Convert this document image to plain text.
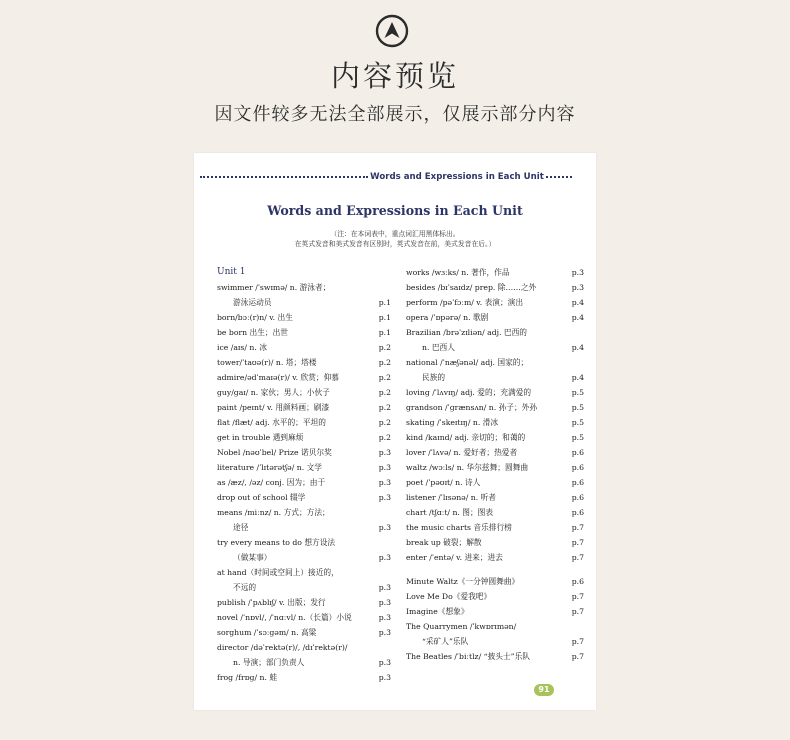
内容预览
因文件较多无法全部展示，仅展示部分内容
Words and Expressions in Each Unit
Words and Expressions in Each Unit
（注：在本词表中，重点词汇用黑体标出。
在英式发音和美式发音有区别时，英式发音在前，美式发音在后。）
Unit 1
swimmer /ˈswɪmə/ n. 游泳者；
游泳运动员	p.1
born/bɔː(r)n/ v. 出生	p.1
be born 出生；出世	p.1
ice /aɪs/ n. 冰	p.2
tower/ˈtaʊə(r)/ n. 塔；塔楼	p.2
admire/ədˈmaɪə(r)/ v. 欣赏；仰慕	p.2
guy/ɡaɪ/ n. 家伙；男人；小伙子	p.2
paint /peɪnt/ v. 用颜料画；刷漆	p.2
flat /flæt/ adj. 水平的；平坦的	p.2
get in trouble 遇到麻烦	p.2
Nobel /nəʊˈbel/ Prize 诺贝尔奖	p.3
literature /ˈlɪtərətʃə/ n. 文学	p.3
as /æz/, /əz/ conj. 因为；由于	p.3
drop out of school 辍学	p.3
means /miːnz/ n. 方式；方法；
途径	p.3
try every means to do 想方设法
（做某事）	p.3
at hand（时间或空间上）接近的，
不远的	p.3
publish /ˈpʌblɪʃ/ v. 出版；发行	p.3
novel /ˈnɒvl/, /ˈnɑːvl/ n.（长篇）小说	p.3
sorghum /ˈsɔːɡəm/ n. 高粱	p.3
director /dəˈrektə(r)/, /dɪˈrektə(r)/
n. 导演；部门负责人	p.3
frog /frɒɡ/ n. 蛙	p.3
works /wɜːks/ n. 著作，作品	p.3
besides /bɪˈsaɪdz/ prep. 除……之外	p.3
perform /pəˈfɔːm/ v. 表演；演出	p.4
opera /ˈɒpərə/ n. 歌剧	p.4
Brazilian /brəˈzɪliən/ adj. 巴西的
n. 巴西人	p.4
national /ˈnæʃənəl/ adj. 国家的；
民族的	p.4
loving /ˈlʌvɪŋ/ adj. 爱的；充满爱的	p.5
grandson /ˈɡrænsʌn/ n. 孙子；外孙	p.5
skating /ˈskeɪtɪŋ/ n. 滑冰	p.5
kind /kaɪnd/ adj. 亲切的；和蔼的	p.5
lover /ˈlʌvə/ n. 爱好者；热爱者	p.6
waltz /wɔːls/ n. 华尔兹舞；圆舞曲	p.6
poet /ˈpəʊɪt/ n. 诗人	p.6
listener /ˈlɪsənə/ n. 听者	p.6
chart /tʃɑːt/ n. 图；图表	p.6
the music charts 音乐排行榜	p.7
break up 破裂；解散	p.7
enter /ˈentə/ v. 进来；进去	p.7
Minute Waltz《一分钟圆舞曲》	p.6
Love Me Do《爱我吧》	p.7
Imagine《想象》	p.7
The Quarrymen /ˈkwɒrɪmən/
“采矿人”乐队	p.7
The Beatles /ˈbiːtlz/ “披头士”乐队	p.7
91
